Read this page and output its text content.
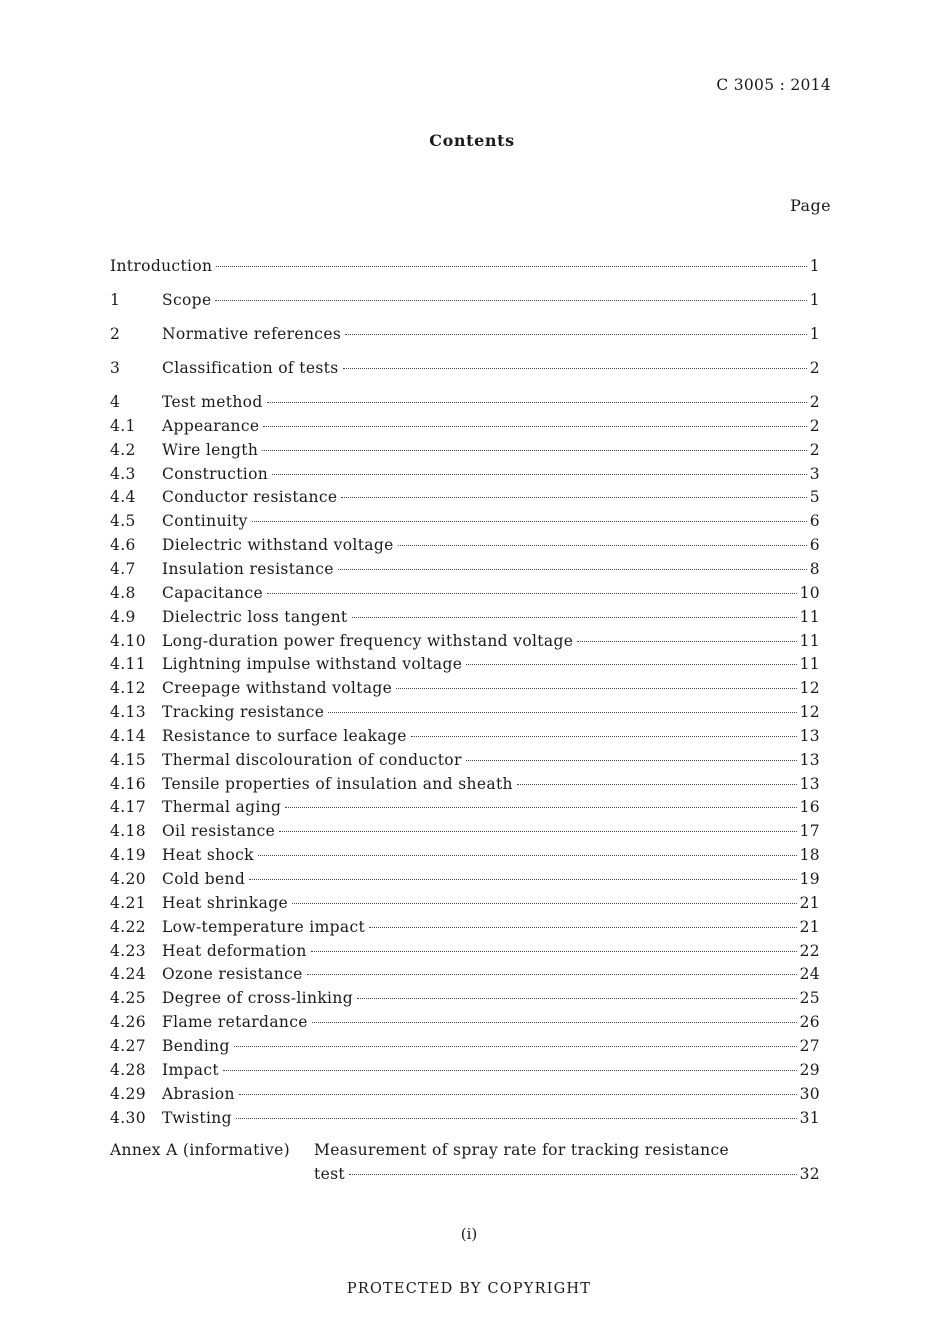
C 3005 : 2014
Contents
Page
Introduction	1
1	Scope	1
2	Normative references	1
3	Classification of tests	2
4	Test method	2
4.1	Appearance	2
4.2	Wire length	2
4.3	Construction	3
4.4	Conductor resistance	5
4.5	Continuity	6
4.6	Dielectric withstand voltage	6
4.7	Insulation resistance	8
4.8	Capacitance	10
4.9	Dielectric loss tangent	11
4.10	Long-duration power frequency withstand voltage	11
4.11	Lightning impulse withstand voltage	11
4.12	Creepage withstand voltage	12
4.13	Tracking resistance	12
4.14	Resistance to surface leakage	13
4.15	Thermal discolouration of conductor	13
4.16	Tensile properties of insulation and sheath	13
4.17	Thermal aging	16
4.18	Oil resistance	17
4.19	Heat shock	18
4.20	Cold bend	19
4.21	Heat shrinkage	21
4.22	Low-temperature impact	21
4.23	Heat deformation	22
4.24	Ozone resistance	24
4.25	Degree of cross-linking	25
4.26	Flame retardance	26
4.27	Bending	27
4.28	Impact	29
4.29	Abrasion	30
4.30	Twisting	31
Annex A (informative) Measurement of spray rate for tracking resistance
test	32
(i)
PROTECTED BY COPYRIGHT
